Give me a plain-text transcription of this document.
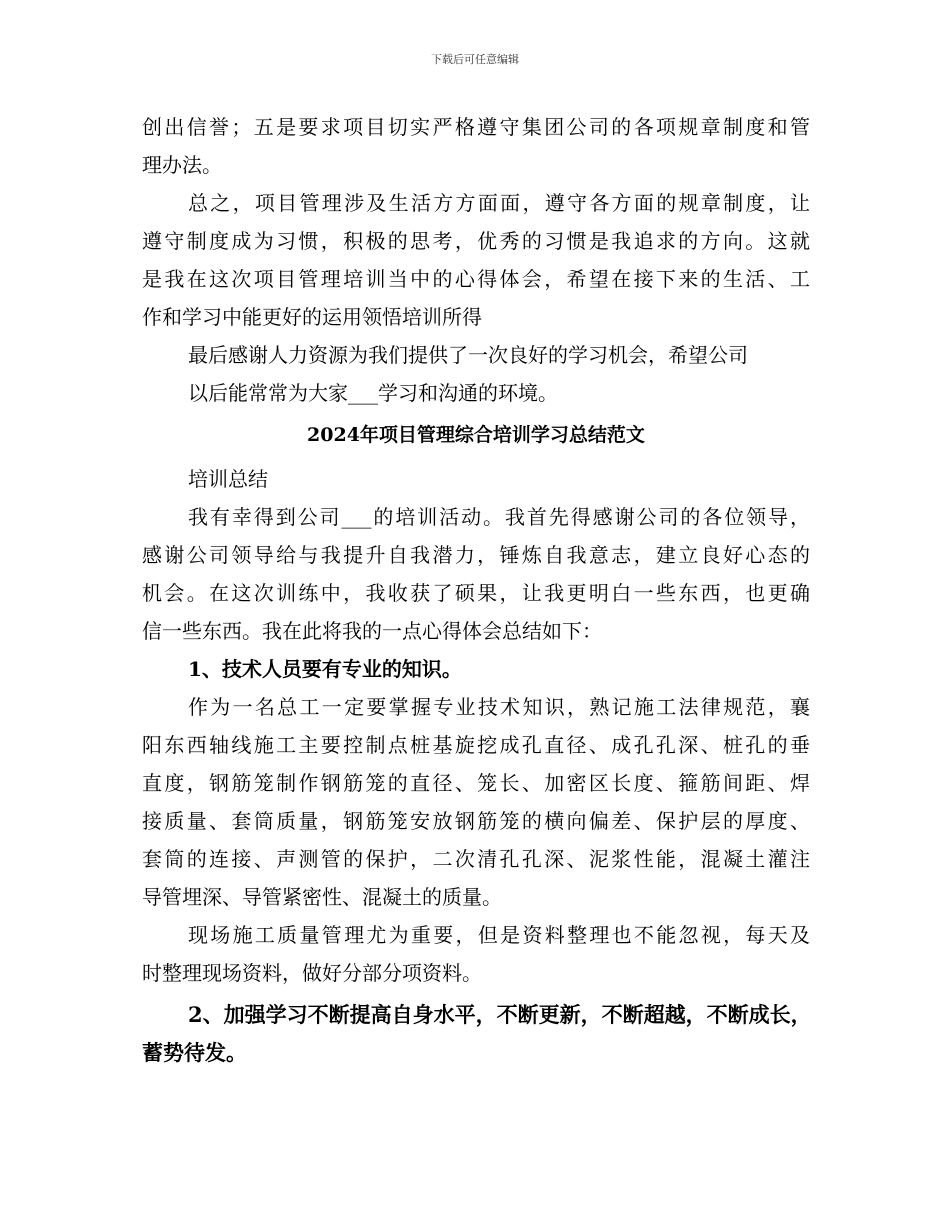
下载后可任意编辑
创出信誉；五是要求项目切实严格遵守集团公司的各项规章制度和管
理办法。
总之，项目管理涉及生活方方面面，遵守各方面的规章制度，让
遵守制度成为习惯，积极的思考，优秀的习惯是我追求的方向。这就
是我在这次项目管理培训当中的心得体会，希望在接下来的生活、工
作和学习中能更好的运用领悟培训所得
最后感谢人力资源为我们提供了一次良好的学习机会，希望公司
以后能常常为大家___学习和沟通的环境。
2024年项目管理综合培训学习总结范文
培训总结
我有幸得到公司___的培训活动。我首先得感谢公司的各位领导，
感谢公司领导给与我提升自我潜力，锤炼自我意志，建立良好心态的
机会。在这次训练中，我收获了硕果，让我更明白一些东西，也更确
信一些东西。我在此将我的一点心得体会总结如下：
1、技术人员要有专业的知识。
作为一名总工一定要掌握专业技术知识，熟记施工法律规范，襄
阳东西轴线施工主要控制点桩基旋挖成孔直径、成孔孔深、桩孔的垂
直度，钢筋笼制作钢筋笼的直径、笼长、加密区长度、箍筋间距、焊
接质量、套筒质量，钢筋笼安放钢筋笼的横向偏差、保护层的厚度、
套筒的连接、声测管的保护，二次清孔孔深、泥浆性能，混凝土灌注
导管埋深、导管紧密性、混凝土的质量。
现场施工质量管理尤为重要，但是资料整理也不能忽视，每天及
时整理现场资料，做好分部分项资料。
2、加强学习不断提高自身水平，不断更新，不断超越，不断成长，
蓄势待发。
